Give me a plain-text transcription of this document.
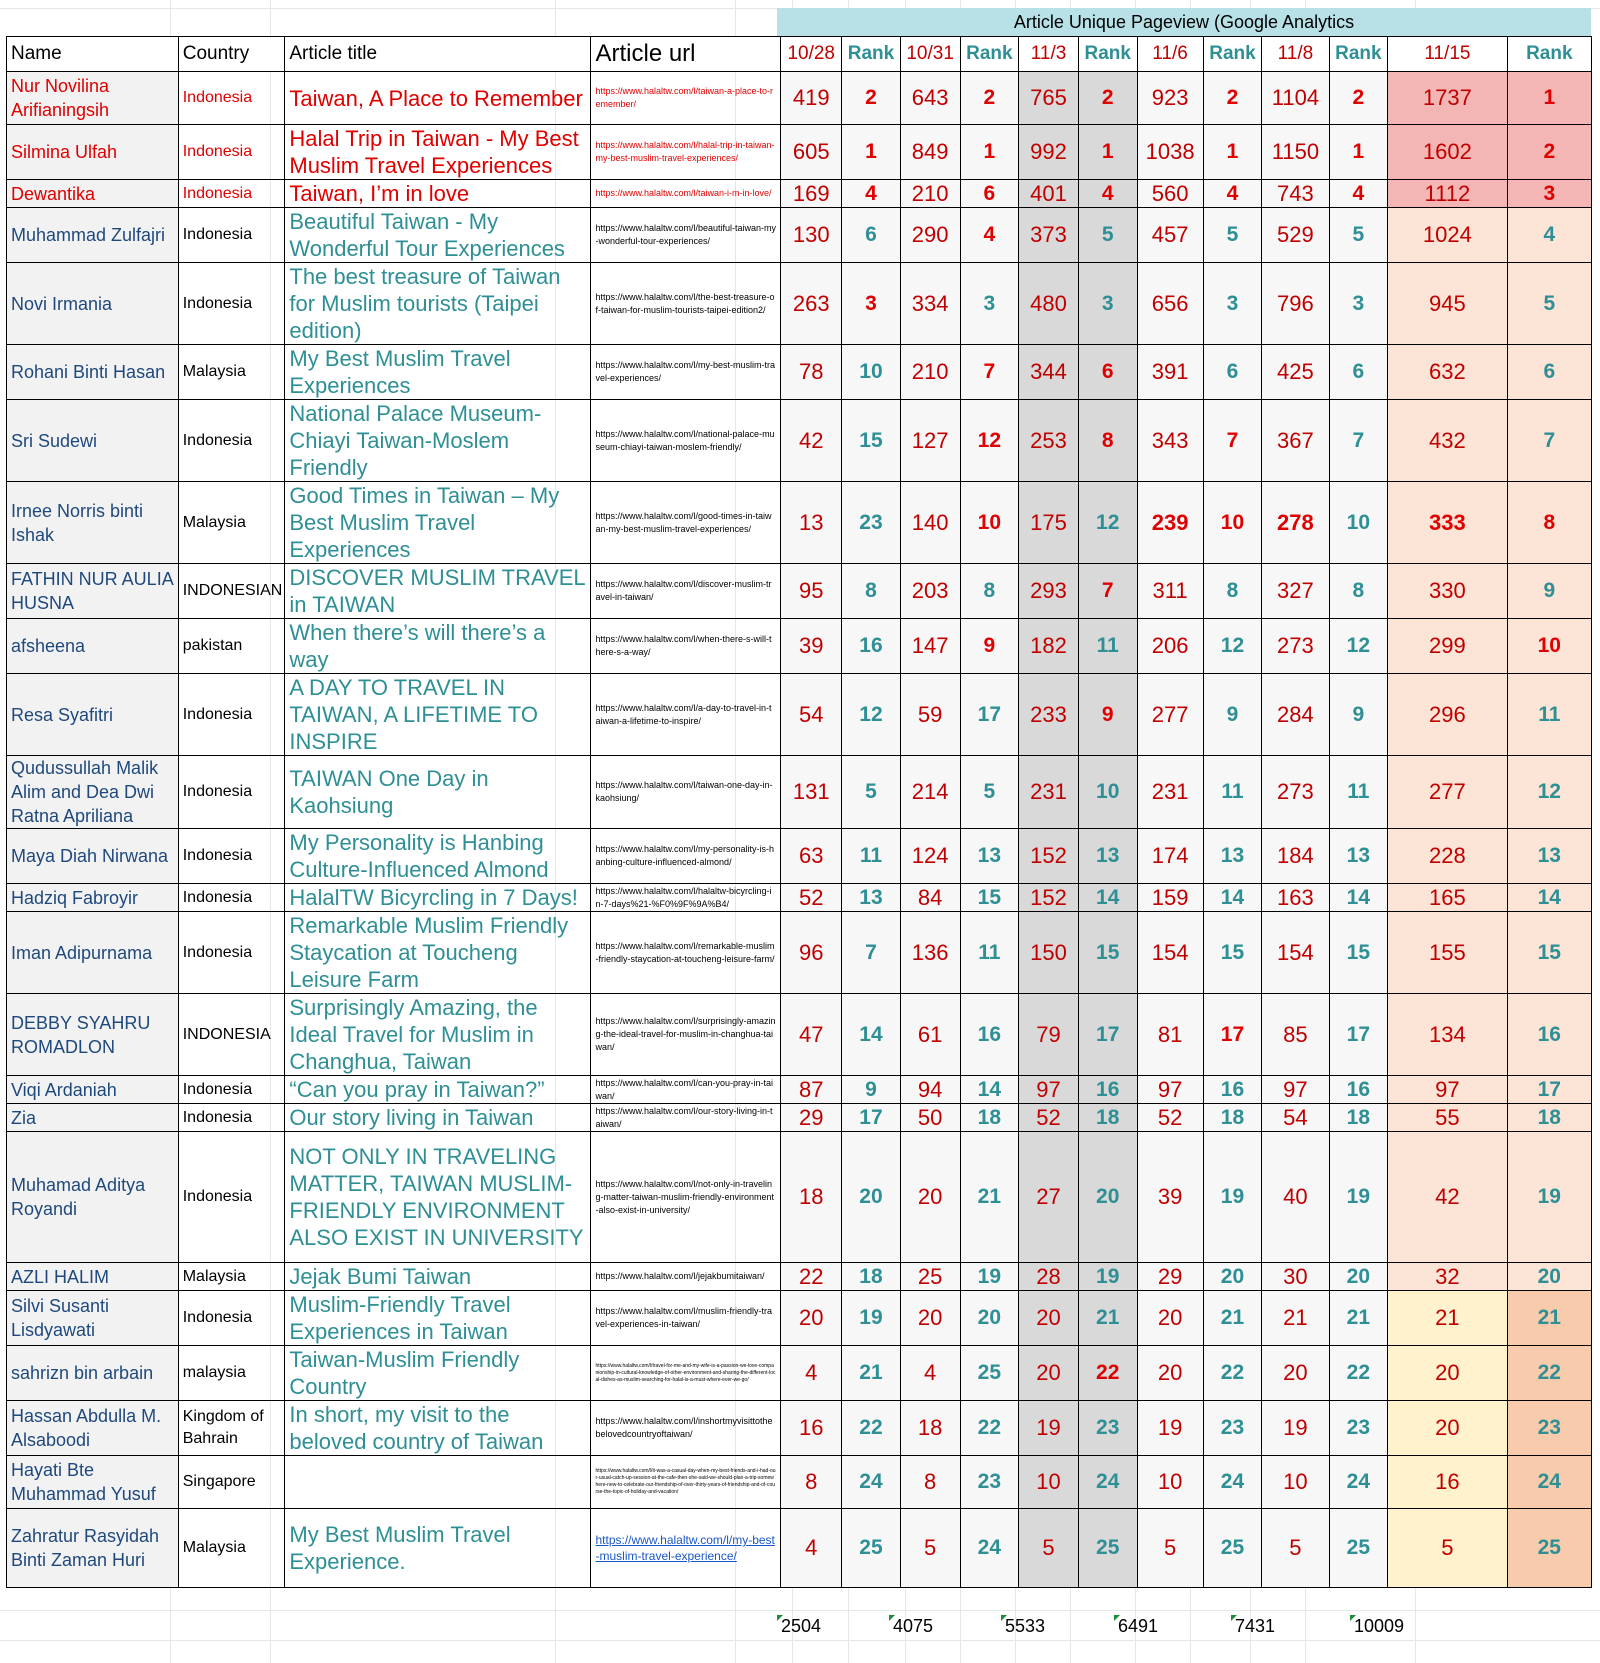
Article Unique Pageview (Google Analytics
Name	Country	Article title	Article url	10/28	Rank	10/31	Rank	11/3	Rank	11/6	Rank	11/8	Rank	11/15	Rank
Nur Novilina Arifianingsih	Indonesia	Taiwan, A Place to Remember	https://www.halaltw.com/l/taiwan-a-place-to-remember/	419	2	643	2	765	2	923	2	1104	2	1737	1
Silmina Ulfah	Indonesia	Halal Trip in Taiwan - My Best Muslim Travel Experiences	https://www.halaltw.com/l/halal-trip-in-taiwan-my-best-muslim-travel-experiences/	605	1	849	1	992	1	1038	1	1150	1	1602	2
Dewantika	Indonesia	Taiwan, I’m in love	https://www.halaltw.com/l/taiwan-i-m-in-love/	169	4	210	6	401	4	560	4	743	4	1112	3
Muhammad Zulfajri	Indonesia	Beautiful Taiwan - My Wonderful Tour Experiences	https://www.halaltw.com/l/beautiful-taiwan-my-wonderful-tour-experiences/	130	6	290	4	373	5	457	5	529	5	1024	4
Novi Irmania	Indonesia	The best treasure of Taiwan for Muslim tourists (Taipei edition)	https://www.halaltw.com/l/the-best-treasure-of-taiwan-for-muslim-tourists-taipei-edition2/	263	3	334	3	480	3	656	3	796	3	945	5
Rohani Binti Hasan	Malaysia	My Best Muslim Travel Experiences	https://www.halaltw.com/l/my-best-muslim-travel-experiences/	78	10	210	7	344	6	391	6	425	6	632	6
Sri Sudewi	Indonesia	National Palace Museum-Chiayi Taiwan-Moslem Friendly	https://www.halaltw.com/l/national-palace-museum-chiayi-taiwan-moslem-friendly/	42	15	127	12	253	8	343	7	367	7	432	7
Irnee Norris binti Ishak	Malaysia	Good Times in Taiwan – My Best Muslim Travel Experiences	https://www.halaltw.com/l/good-times-in-taiwan-my-best-muslim-travel-experiences/	13	23	140	10	175	12	239	10	278	10	333	8
FATHIN NUR AULIA HUSNA	INDONESIAN	DISCOVER MUSLIM TRAVEL in TAIWAN	https://www.halaltw.com/l/discover-muslim-travel-in-taiwan/	95	8	203	8	293	7	311	8	327	8	330	9
afsheena	pakistan	When there’s will there’s a way	https://www.halaltw.com/l/when-there-s-will-there-s-a-way/	39	16	147	9	182	11	206	12	273	12	299	10
Resa Syafitri	Indonesia	A DAY TO TRAVEL IN TAIWAN, A LIFETIME TO INSPIRE	https://www.halaltw.com/l/a-day-to-travel-in-taiwan-a-lifetime-to-inspire/	54	12	59	17	233	9	277	9	284	9	296	11
Qudussullah Malik Alim and Dea Dwi Ratna Apriliana	Indonesia	TAIWAN One Day in Kaohsiung	https://www.halaltw.com/l/taiwan-one-day-in-kaohsiung/	131	5	214	5	231	10	231	11	273	11	277	12
Maya Diah Nirwana	Indonesia	My Personality is Hanbing Culture-Influenced Almond	https://www.halaltw.com/l/my-personality-is-hanbing-culture-influenced-almond/	63	11	124	13	152	13	174	13	184	13	228	13
Hadziq Fabroyir	Indonesia	HalalTW Bicyrcling in 7 Days!	https://www.halaltw.com/l/halaltw-bicyrcling-in-7-days%21-%F0%9F%9A%B4/	52	13	84	15	152	14	159	14	163	14	165	14
Iman Adipurnama	Indonesia	Remarkable Muslim Friendly Staycation at Toucheng Leisure Farm	https://www.halaltw.com/l/remarkable-muslim-friendly-staycation-at-toucheng-leisure-farm/	96	7	136	11	150	15	154	15	154	15	155	15
DEBBY SYAHRU ROMADLON	INDONESIA	Surprisingly Amazing, the Ideal Travel for Muslim in Changhua, Taiwan	https://www.halaltw.com/l/surprisingly-amazing-the-ideal-travel-for-muslim-in-changhua-taiwan/	47	14	61	16	79	17	81	17	85	17	134	16
Viqi Ardaniah	Indonesia	“Can you pray in Taiwan?”	https://www.halaltw.com/l/can-you-pray-in-taiwan/	87	9	94	14	97	16	97	16	97	16	97	17
Zia	Indonesia	Our story living in Taiwan	https://www.halaltw.com/l/our-story-living-in-taiwan/	29	17	50	18	52	18	52	18	54	18	55	18
Muhamad Aditya Royandi	Indonesia	NOT ONLY IN TRAVELING MATTER, TAIWAN MUSLIM-FRIENDLY ENVIRONMENT ALSO EXIST IN UNIVERSITY	https://www.halaltw.com/l/not-only-in-traveling-matter-taiwan-muslim-friendly-environment-also-exist-in-university/	18	20	20	21	27	20	39	19	40	19	42	19
AZLI HALIM	Malaysia	Jejak Bumi Taiwan	https://www.halaltw.com/l/jejakbumitaiwan/	22	18	25	19	28	19	29	20	30	20	32	20
Silvi Susanti Lisdyawati	Indonesia	Muslim-Friendly Travel Experiences in Taiwan	https://www.halaltw.com/l/muslim-friendly-travel-experiences-in-taiwan/	20	19	20	20	20	21	20	21	21	21	21	21
sahrizn bin arbain	malaysia	Taiwan-Muslim Friendly Country	https://www.halaltw.com/l/travel-for-me-and-my-wife-is-a-passion-we-love-companionship-in-cultural-knowledge-of-other-environment-and-sharing-the-different-local-dishes-as-muslim-searching-for-halal-is-a-must-where-ever-we-go/	4	21	4	25	20	22	20	22	20	22	20	22
Hassan Abdulla M. Alsaboodi	Kingdom of Bahrain	In short, my visit to the beloved country of Taiwan	https://www.halaltw.com/l/inshortmyvisittothebelovedcountryoftaiwan/	16	22	18	22	19	23	19	23	19	23	20	23
Hayati Bte Muhammad Yusuf	Singapore		https://www.halaltw.com/l/it-was-a-casual-day-when-my-best-friends-and-i-had-our-usual-catch-up-session-at-the-cafe-then-she-said-we-should-plan-a-trip-somewhere-new-to-celebrate-our-friendship-of-over-thirty-years-of-friendship-and-of-course-the-topic-of-holiday-and-vacation/	8	24	8	23	10	24	10	24	10	24	16	24
Zahratur Rasyidah Binti Zaman Huri	Malaysia	My Best Muslim Travel Experience.	https://www.halaltw.com/l/my-best-muslim-travel-experience/	4	25	5	24	5	25	5	25	5	25	5	25
2504	4075	5533	6491	7431	10009
